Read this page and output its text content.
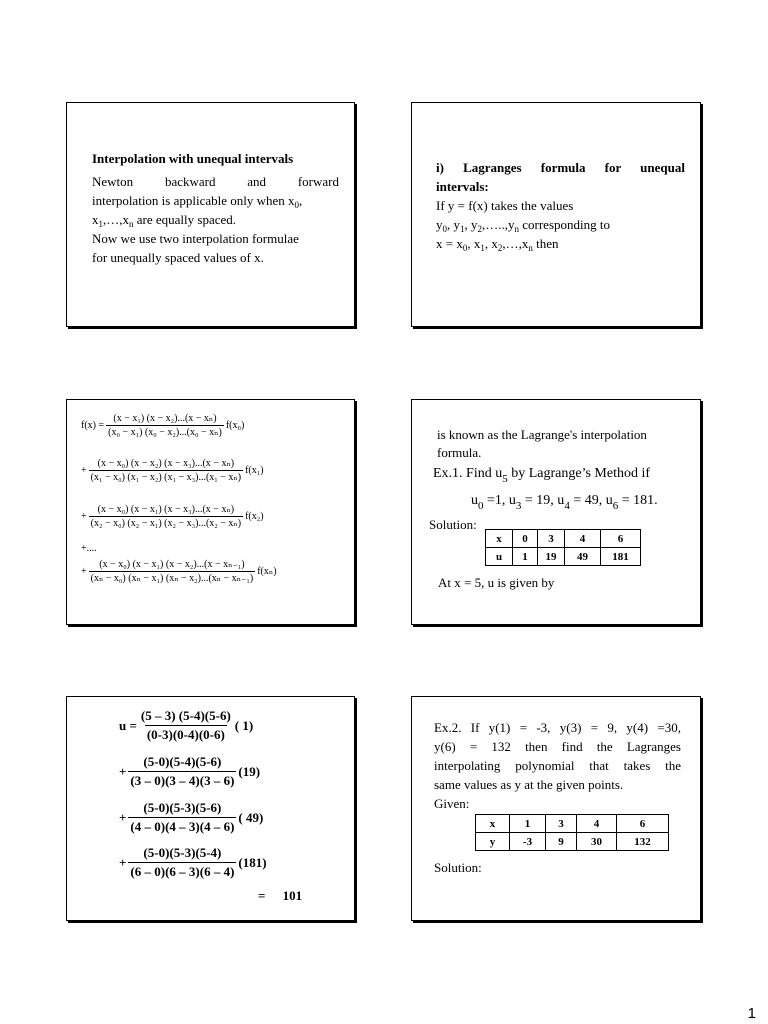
Interpolation with unequal intervals
Newton backward and forward
interpolation is applicable only when $x_0$,
$x_1,\dots,x_n$ are equally spaced.
Now we use two interpolation formulae
for unequally spaced values of x.
i) Lagranges formula for unequal
intervals:
If y = f(x) takes the values
$y_0$, $y_1$, $y_2,\dots..,y_n$ corresponding to
$x = x_0$, $x_1$, $x_2,\dots,x_n$ then
$f(x) = \frac{\text{(x − x₁) (x − x₂)...(x − xₙ)}}{\text{(x₀ − x₁) (x₀ − x₂)...(x₀ − xₙ)}} f(x_0)$
+ $\frac{\text{(x − x₀) (x − x₂) (x − x₃)...(x − xₙ)}}{\text{(x₁ − x₀) (x₁ − x₂) (x₁ − x₃)...(x₁ − xₙ)}} f(x_1)$
+ $\frac{\text{(x − x₀) (x − x₁) (x − x₃)...(x − xₙ)}}{\text{(x₂ − x₀) (x₂ − x₁) (x₂ − x₃)...(x₂ − xₙ)}} f(x_2)$
+....
+ $\frac{\text{(x − x₀) (x − x₁) (x − x₂)...(x − xₙ₋₁)}}{\text{(xₙ − x₀) (xₙ − x₁) (xₙ − x₂)...(xₙ − xₙ₋₁)}} f(x_n)$
is known as the Lagrange's interpolation
formula.
Ex.1. Find $u_5$ by Lagrange’s Method if
$u_0 =1$, $u_3 = 19$, $u_4 = 49$, $u_6 = 181$.
Solution:
x	0	3	4	6
u	1	19	49	181
At x = 5, u is given by
$u = \frac{(5 - 3) (5-4)(5-6)}{(0-3)(0-4)(0-6)}$ ( 1)
+ $\frac{(5-0)(5-4)(5-6)}{(3 - 0)(3 - 4)(3 - 6)} (19)$
+ $\frac{(5-0)(5-3)(5-6)}{(4 - 0)(4 - 3)(4 - 6)}$ ( 49)
+ $\frac{(5-0)(5-3)(5-4)}{(6 - 0)(6 - 3)(6 - 4)} (181)$
= 101
Ex.2. If y(1) = -3, y(3) = 9, y(4) =30,
y(6) = 132 then find the Lagranges
interpolating polynomial that takes the
same values as y at the given points.
Given:
x	1	3	4	6
y	-3	9	30	132
Solution:
1
